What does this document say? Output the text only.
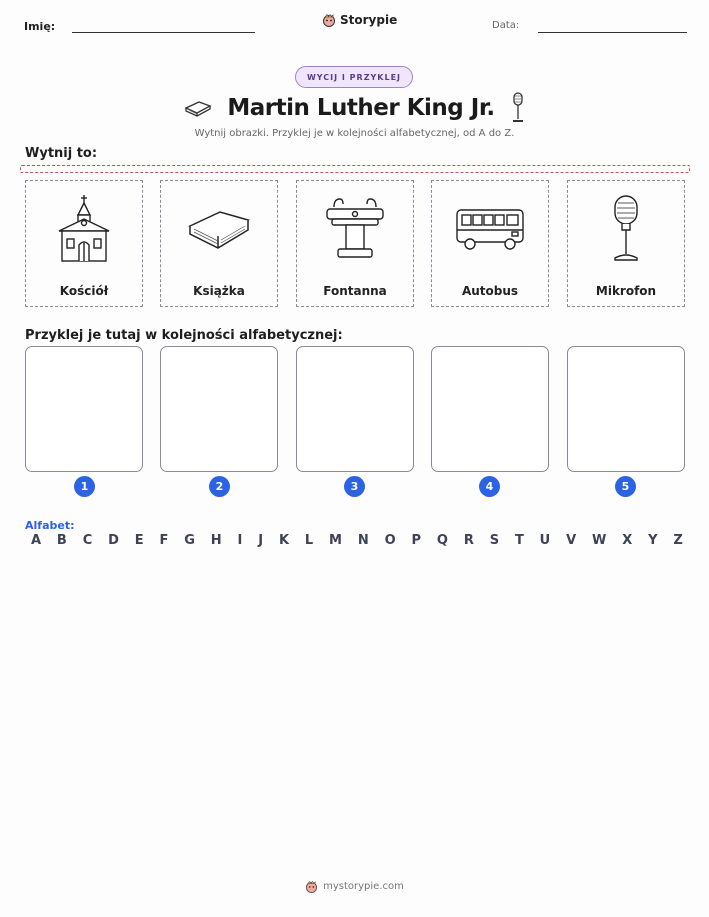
Imię:	Storypie	Data:
WYCIJ I PRZYKLEJ
Martin Luther King Jr.
Wytnij obrazki. Przyklej je w kolejności alfabetycznej, od A do Z.
Wytnij to:
Kościół	Książka	Fontanna	Autobus	Mikrofon
Przyklej je tutaj w kolejności alfabetycznej:
1	2	3	4	5
Alfabet:
A B C D E F G H I J K L M N O P Q R S T U V W X Y Z
mystorypie.com
